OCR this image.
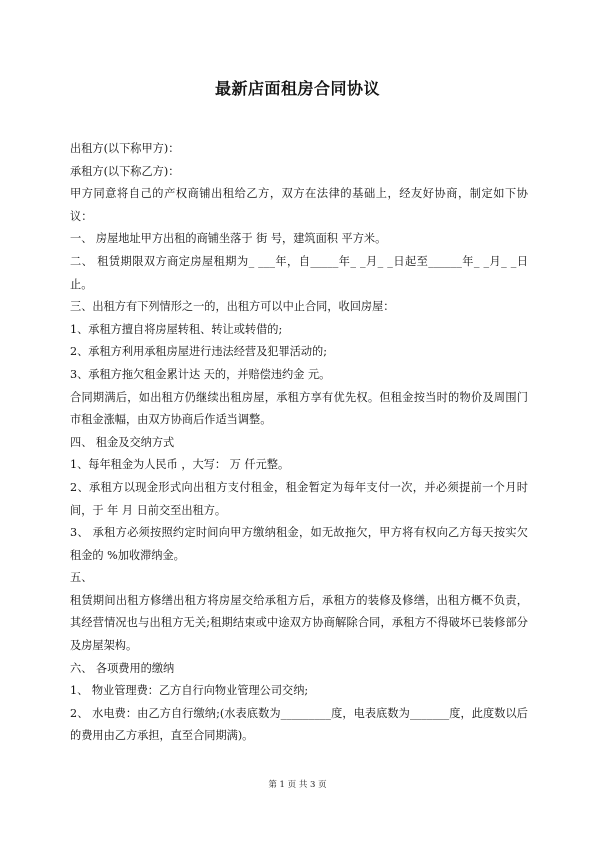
最新店面租房合同协议

出租方(以下称甲方)：

承租方(以下称乙方)：

甲方同意将自己的产权商铺出租给乙方，双方在法律的基础上，经友好协商，制定如下协议：

一、 房屋地址甲方出租的商铺坐落于 街 号，建筑面积 平方米。

二、 租赁期限双方商定房屋租期为_ ___年，自_____年_ _月_ _日起至______年_ _月_ _日止。

三、出租方有下列情形之一的，出租方可以中止合同，收回房屋：

1、承租方擅自将房屋转租、转让或转借的;

2、承租方利用承租房屋进行违法经营及犯罪活动的;

3、承租方拖欠租金累计达 天的，并赔偿违约金 元。

合同期满后，如出租方仍继续出租房屋，承租方享有优先权。但租金按当时的物价及周围门市租金涨幅，由双方协商后作适当调整。

四、 租金及交纳方式

1、每年租金为人民币 ，大写： 万 仟元整。

2、承租方以现金形式向出租方支付租金，租金暂定为每年支付一次，并必须提前一个月时间，于 年 月 日前交至出租方。

3、 承租方必须按照约定时间向甲方缴纳租金，如无故拖欠，甲方将有权向乙方每天按实欠租金的 %加收滞纳金。

五、

租赁期间出租方修缮出租方将房屋交给承租方后，承租方的装修及修缮，出租方概不负责，其经营情况也与出租方无关;租期结束或中途双方协商解除合同，承租方不得破坏已装修部分及房屋架构。

六、 各项费用的缴纳

1、 物业管理费：乙方自行向物业管理公司交纳;

2、 水电费：由乙方自行缴纳;(水表底数为_________度，电表底数为_______度，此度数以后的费用由乙方承担，直至合同期满)。

第 1 页 共 3 页
